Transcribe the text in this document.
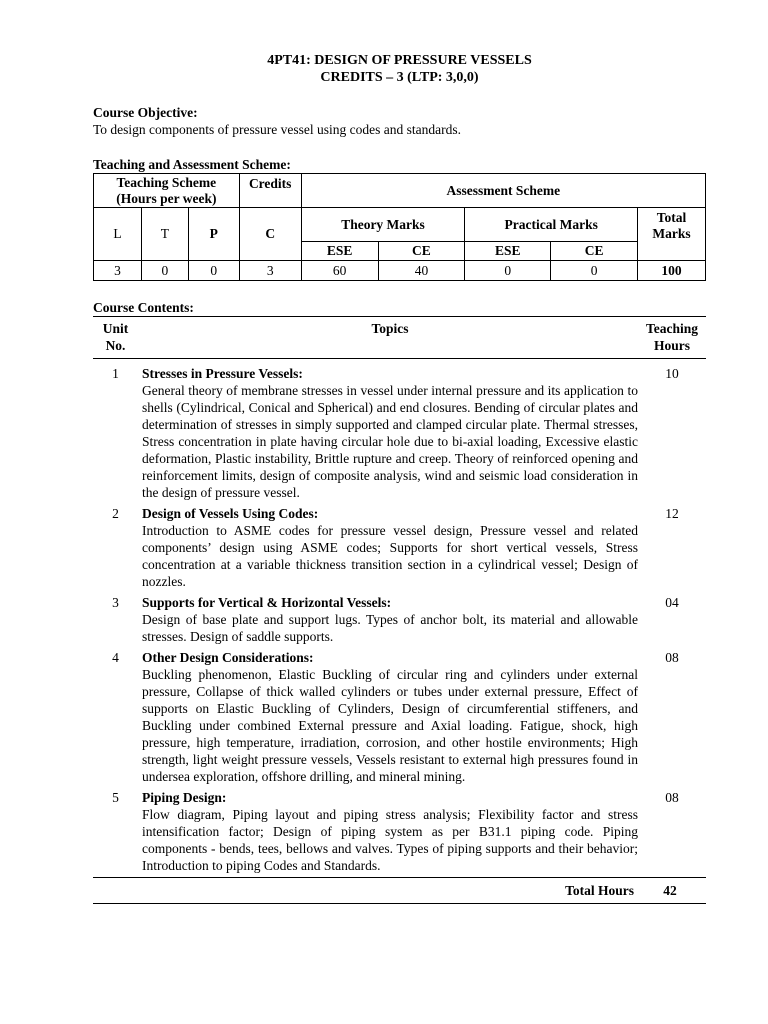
4PT41: DESIGN OF PRESSURE VESSELS
CREDITS – 3 (LTP: 3,0,0)
Course Objective:

To design components of pressure vessel using codes and standards.

Teaching and Assessment Scheme:
Teaching Scheme
(Hours per week)			Credits	Assessment Scheme				
L	T	P	C	Theory Marks		Practical Marks		Total
Marks

				ESE	CE	ESE	CE	
3	0	0	3	60	40	0	0	100
Course Contents:
Unit
No.
Topics	Teaching
Hours
1	Stresses in Pressure Vessels:
General theory of membrane stresses in vessel under internal pressure and its application to shells (Cylindrical, Conical and Spherical) and end closures. Bending of circular plates and determination of stresses in simply supported and clamped circular plate. Thermal stresses, Stress concentration in plate having circular hole due to bi-axial loading, Excessive elastic deformation, Plastic instability, Brittle rupture and creep. Theory of reinforced opening and reinforcement limits, design of composite analysis, wind and seismic load consideration in the design of pressure vessel.
10
2	Design of Vessels Using Codes:
Introduction to ASME codes for pressure vessel design, Pressure vessel and related components’ design using ASME codes; Supports for short vertical vessels, Stress concentration at a variable thickness transition section in a cylindrical vessel; Design of nozzles.
12
3	Supports for Vertical & Horizontal Vessels:
Design of base plate and support lugs. Types of anchor bolt, its material and allowable stresses. Design of saddle supports.
04
4	Other Design Considerations:
Buckling phenomenon, Elastic Buckling of circular ring and cylinders under external pressure, Collapse of thick walled cylinders or tubes under external pressure, Effect of supports on Elastic Buckling of Cylinders, Design of circumferential stiffeners, and Buckling under combined External pressure and Axial loading. Fatigue, shock, high pressure, high temperature, irradiation, corrosion, and other hostile environments; High strength, light weight pressure vessels, Vessels resistant to external high pressures found in undersea exploration, offshore drilling, and mineral mining.
08
5	Piping Design:
Flow diagram, Piping layout and piping stress analysis; Flexibility factor and stress intensification factor; Design of piping system as per B31.1 piping code. Piping components - bends, tees, bellows and valves. Types of piping supports and their behavior; Introduction to piping Codes and Standards.
08
Total Hours	42
